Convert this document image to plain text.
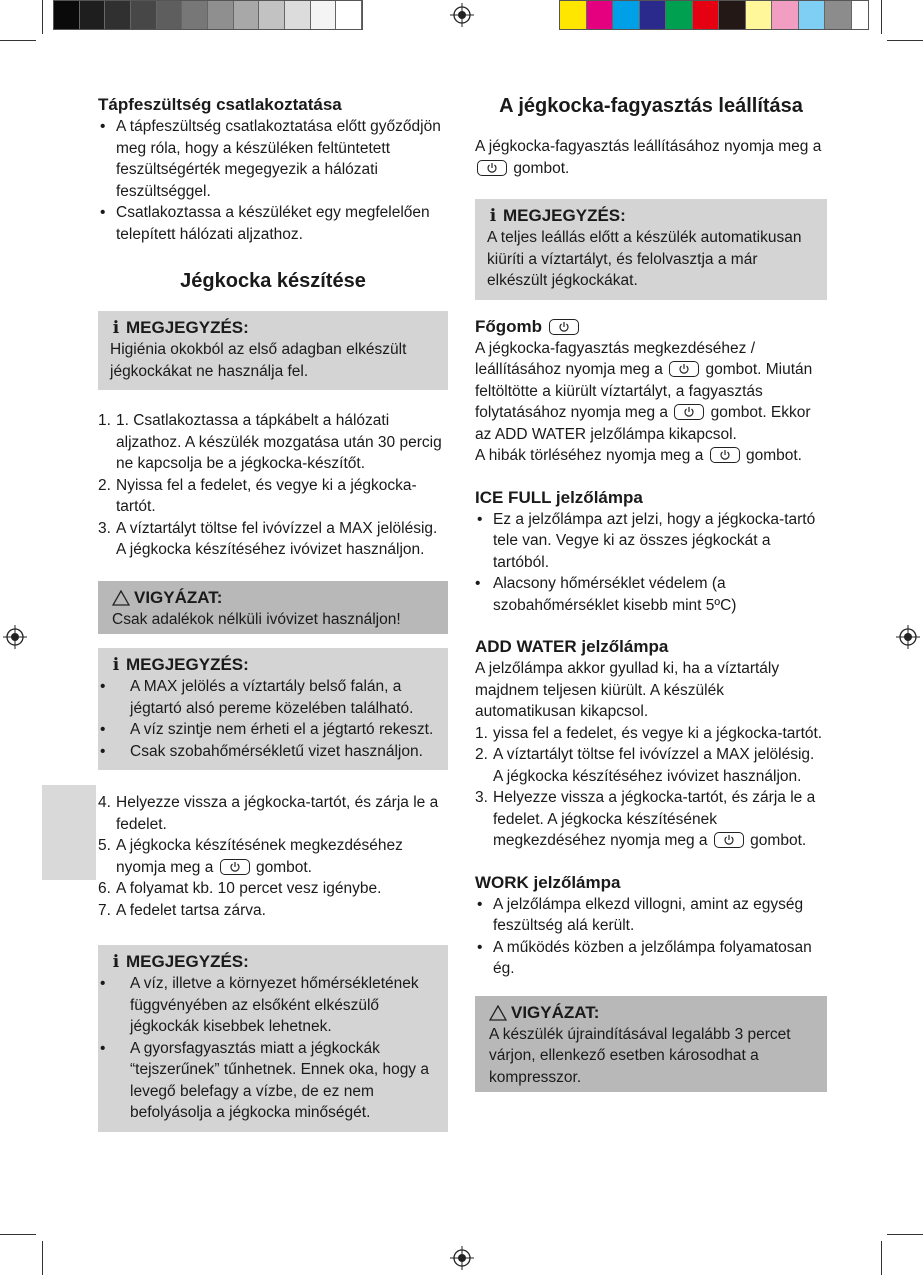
Tápfeszültség csatlakoztatása
• A tápfeszültség csatlakoztatása előtt győződjön meg róla, hogy a készüléken feltüntetett feszültségérték megegyezik a hálózati feszültséggel.
• Csatlakoztassa a készüléket egy megfelelően telepített hálózati aljzathoz.
Jégkocka készítése
ℹ MEGJEGYZÉS:
Higiénia okokból az első adagban elkészült jégkockákat ne használja fel.
1. 1. Csatlakoztassa a tápkábelt a hálózati aljzathoz. A készülék mozgatása után 30 percig ne kapcsolja be a jégkocka-készítőt.
2. Nyissa fel a fedelet, és vegye ki a jégkocka-tartót.
3. A víztartályt töltse fel ivóvízzel a MAX jelölésig. A jégkocka készítéséhez ivóvizet használjon.
VIGYÁZAT:
Csak adalékok nélküli ivóvizet használjon!
ℹ MEGJEGYZÉS:
• A MAX jelölés a víztartály belső falán, a jégtartó alsó pereme közelében található.
• A víz szintje nem érheti el a jégtartó rekeszt.
• Csak szobahőmérsékletű vizet használjon.
4. Helyezze vissza a jégkocka-tartót, és zárja le a fedelet.
5. A jégkocka készítésének megkezdéséhez nyomja meg a	gombot.
6. A folyamat kb. 10 percet vesz igénybe.
7. A fedelet tartsa zárva.
ℹ MEGJEGYZÉS:
• A víz, illetve a környezet hőmérsékletének függvényében az elsőként elkészülő jégkockák kisebbek lehetnek.
• A gyorsfagyasztás miatt a jégkockák “tejszerűnek” tűnhetnek. Ennek oka, hogy a levegő belefagy a vízbe, de ez nem befolyásolja a jégkocka minőségét.
A jégkocka-fagyasztás leállítása

A jégkocka-fagyasztás leállításához nyomja meg a
gombot.

ℹ MEGJEGYZÉS:
A teljes leállás előtt a készülék automatikusan kiüríti a víztartályt, és felolvasztja a már elkészült jégkockákat.
Főgomb

A jégkocka-fagyasztás megkezdéséhez / leállításához nyomja meg a	gombot. Miután feltöltötte a kiürült víztartályt, a fagyasztás folytatásához nyomja meg a	gombot. Ekkor az ADD WATER jelzőlámpa kikapcsol.

A hibák törléséhez nyomja meg a	gombot.

ICE FULL jelzőlámpa
• Ez a jelzőlámpa azt jelzi, hogy a jégkocka-tartó tele van. Vegye ki az összes jégkockát a tartóból.
• Alacsony hőmérséklet védelem (a szobahőmérséklet kisebb mint 5ºC)
ADD WATER jelzőlámpa

A jelzőlámpa akkor gyullad ki, ha a víztartály majdnem teljesen kiürült. A készülék automatikusan kikapcsol.

1. yissa fel a fedelet, és vegye ki a jégkocka-tartót.
2. A víztartályt töltse fel ivóvízzel a MAX jelölésig. A jégkocka készítéséhez ivóvizet használjon.
3. Helyezze vissza a jégkocka-tartót, és zárja le a fedelet. A jégkocka készítésének megkezdéséhez nyomja meg a	gombot.
WORK jelzőlámpa
• A jelzőlámpa elkezd villogni, amint az egység feszültség alá került.
• A működés közben a jelzőlámpa folyamatosan ég.
VIGYÁZAT:
A készülék újraindításával legalább 3 percet várjon, ellenkező esetben károsodhat a kompresszor.
